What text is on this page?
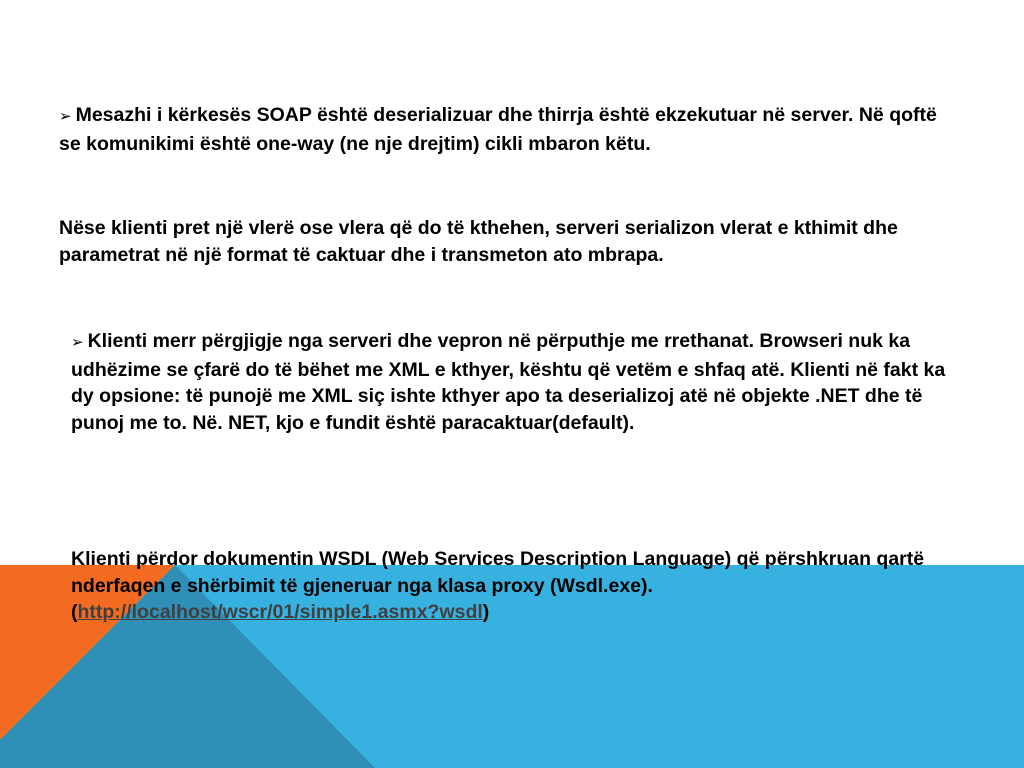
➢ Mesazhi i kërkesës SOAP është deserializuar dhe thirrja është ekzekutuar në server. Në qoftë se komunikimi është one-way (ne nje drejtim) cikli mbaron këtu.

Nëse klienti pret një vlerë ose vlera që do të kthehen, serveri serializon vlerat e kthimit dhe parametrat në një format të caktuar dhe i transmeton ato mbrapa.

➢ Klienti merr përgjigje nga serveri dhe vepron në përputhje me rrethanat. Browseri nuk ka udhëzime se çfarë do të bëhet me XML e kthyer, kështu që vetëm e shfaq atë. Klienti në fakt ka dy opsione: të punojë me XML siç ishte kthyer apo ta deserializoj atë në objekte .NET dhe të punoj me to. Në. NET, kjo e fundit është paracaktuar(default).

Klienti përdor dokumentin WSDL (Web Services Description Language) që përshkruan qartë nderfaqen e shërbimit të gjeneruar nga klasa proxy (Wsdl.exe). (http://localhost/wscr/01/simple1.asmx?wsdl)
